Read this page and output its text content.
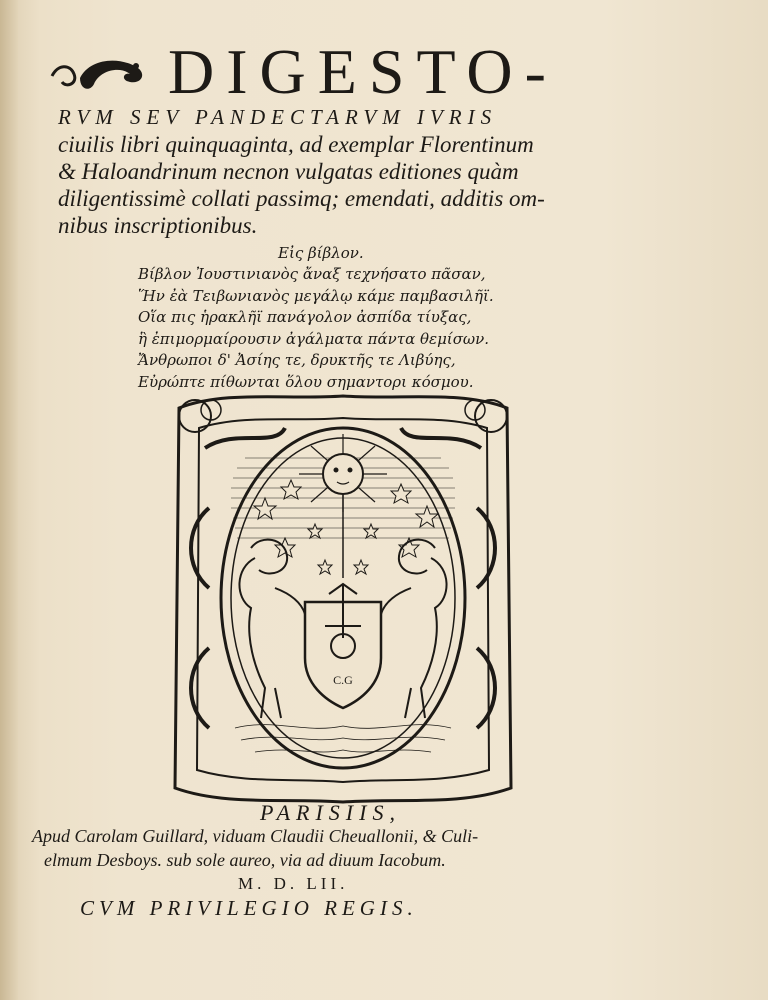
DIGESTO-
RVM SEV PANDECTARVM IVRIS
ciuilis libri quinquaginta, ad exemplar Florentinum
& Haloandrinum necnon vulgatas editiones quàm
diligentissimè collati passimq; emendati, additis om-
nibus inscriptionibus.
Εἰς βίβλον.
Βίβλον Ἰουστινιανὸς ἄναξ τεχνήσατο πᾶσαν,
Ἥν ἐὰ Τειβωνιανὸς μεγάλῳ κάμε παμβασιλῆϊ.
Οἵα πις ἡρακλῆϊ πανάγολον ἀσπίδα τίυξας,
ἣ ἐπιμορμαίρουσιν ἀγάλματα πάντα θεμίσων.
Ἄνθρωποι δ' Ἀσίης τε, δρυκτῆς τε Λιβύης,
Εὐρώπτε πίθωνται ὅλου σημαντορι κόσμου.
C.G
PARISIIS,
Apud Carolam Guillard, viduam Claudii Cheuallonii, & Culi-
elmum Desboys. sub sole aureo, via ad diuum Iacobum.
M. D. LII.
CVM PRIVILEGIO REGIS.
